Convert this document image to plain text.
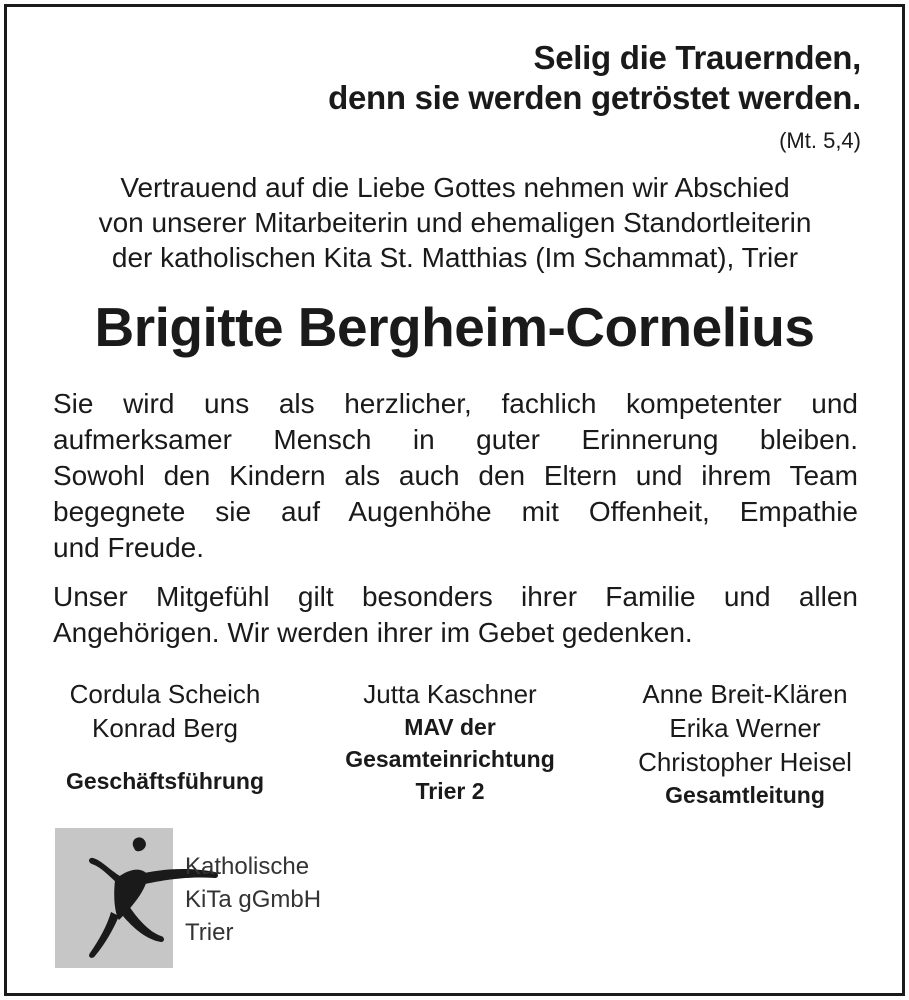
Selig die Trauernden,
denn sie werden getröstet werden.
(Mt. 5,4)
Vertrauend auf die Liebe Gottes nehmen wir Abschied
von unserer Mitarbeiterin und ehemaligen Standortleiterin
der katholischen Kita St. Matthias (Im Schammat), Trier
Brigitte Bergheim-Cornelius
Sie wird uns als herzlicher, fachlich kompetenter und
aufmerksamer Mensch in guter Erinnerung bleiben.
Sowohl den Kindern als auch den Eltern und ihrem Team
begegnete sie auf Augenhöhe mit Offenheit, Empathie
und Freude.
Unser Mitgefühl gilt besonders ihrer Familie und allen
Angehörigen. Wir werden ihrer im Gebet gedenken.
Cordula Scheich
Konrad Berg
Geschäftsführung
Jutta Kaschner
MAV der
Gesamteinrichtung
Trier 2
Anne Breit-Klären
Erika Werner
Christopher Heisel
Gesamtleitung
Katholische
KiTa gGmbH
Trier
